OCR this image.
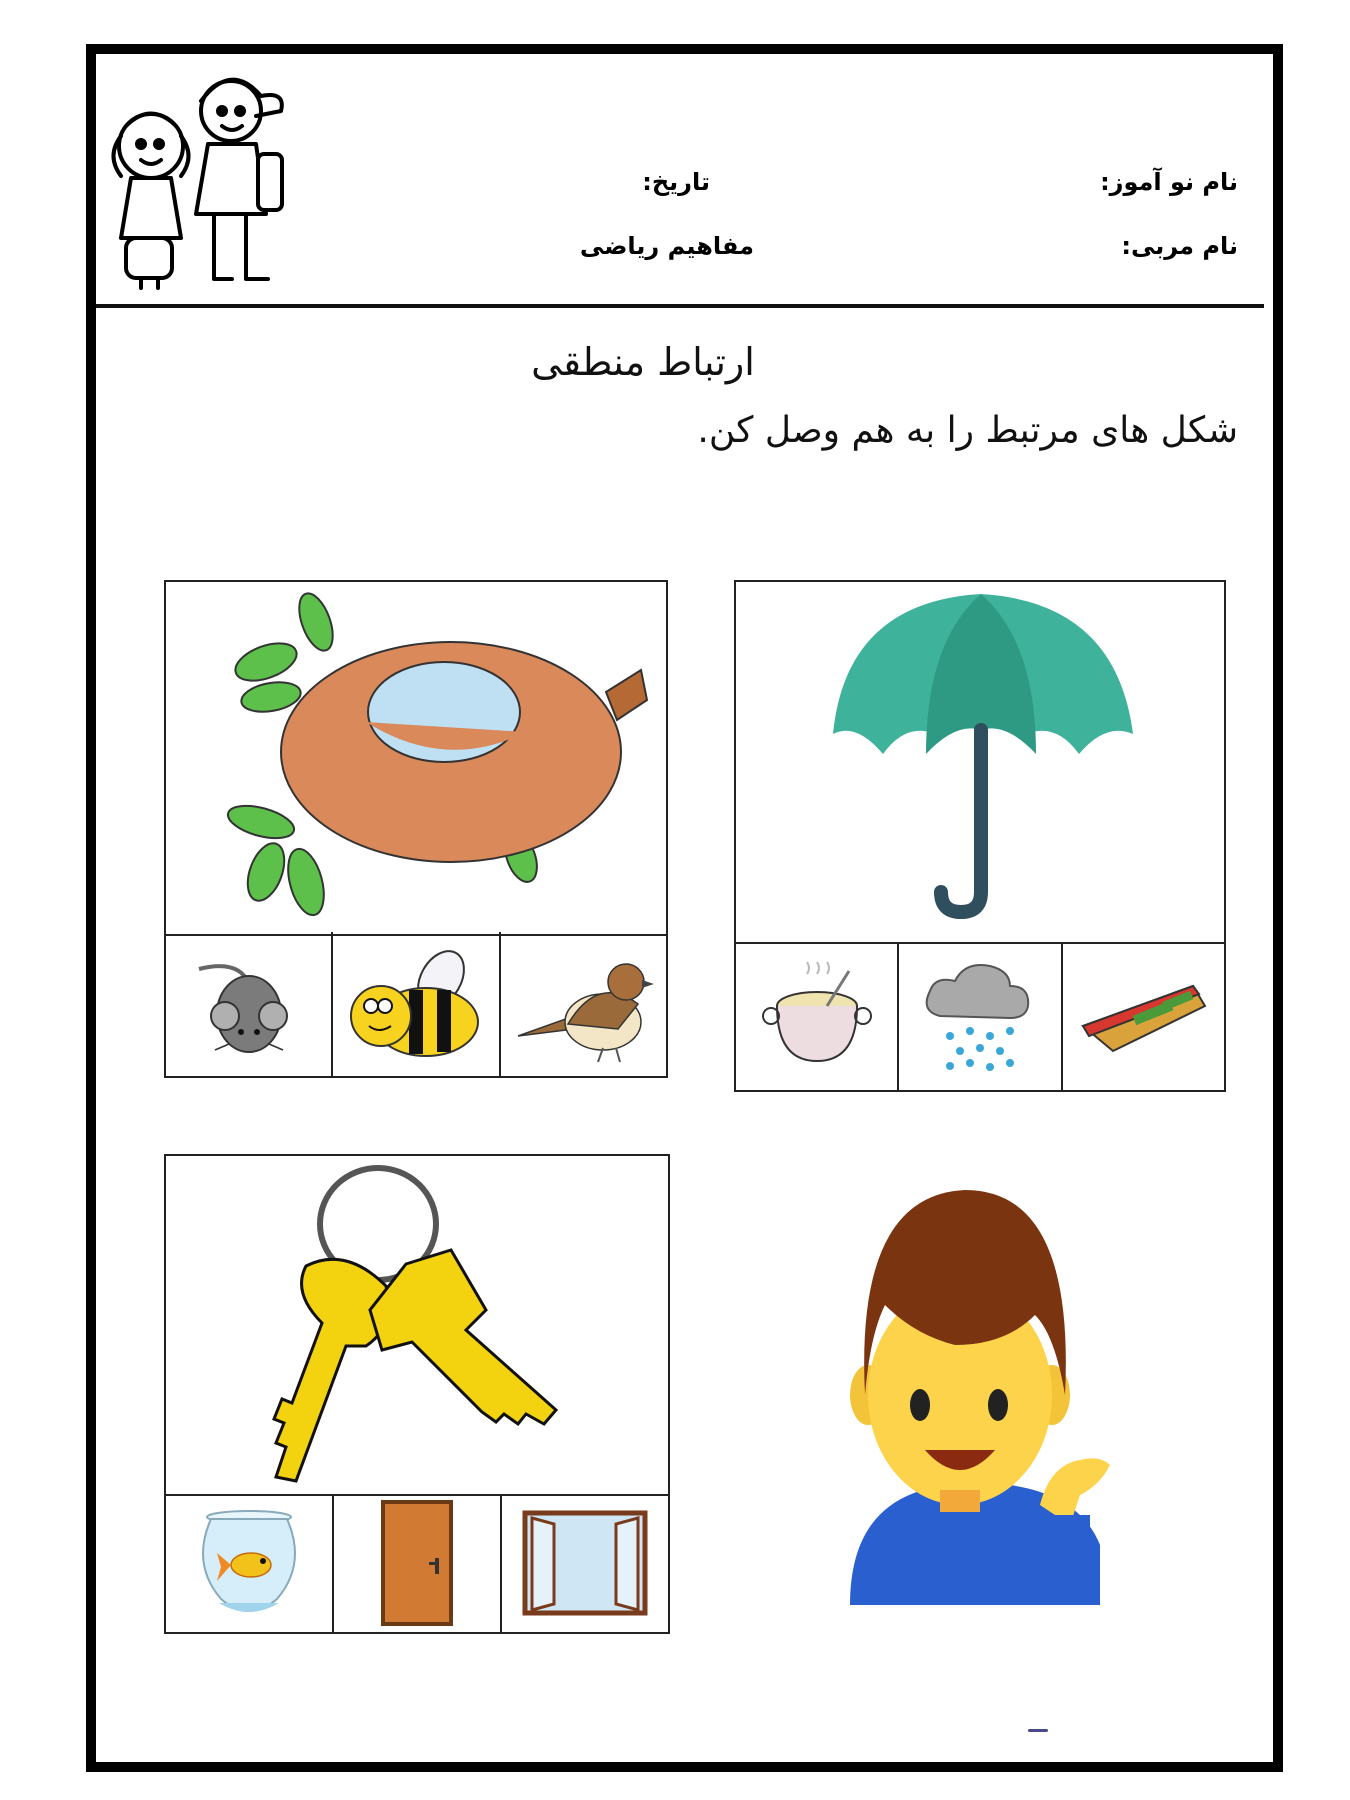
نام نو آموز:
نام مربی:
تاریخ:
مفاهیم ریاضی
ارتباط منطقی
شکل های مرتبط را به هم وصل کن.
